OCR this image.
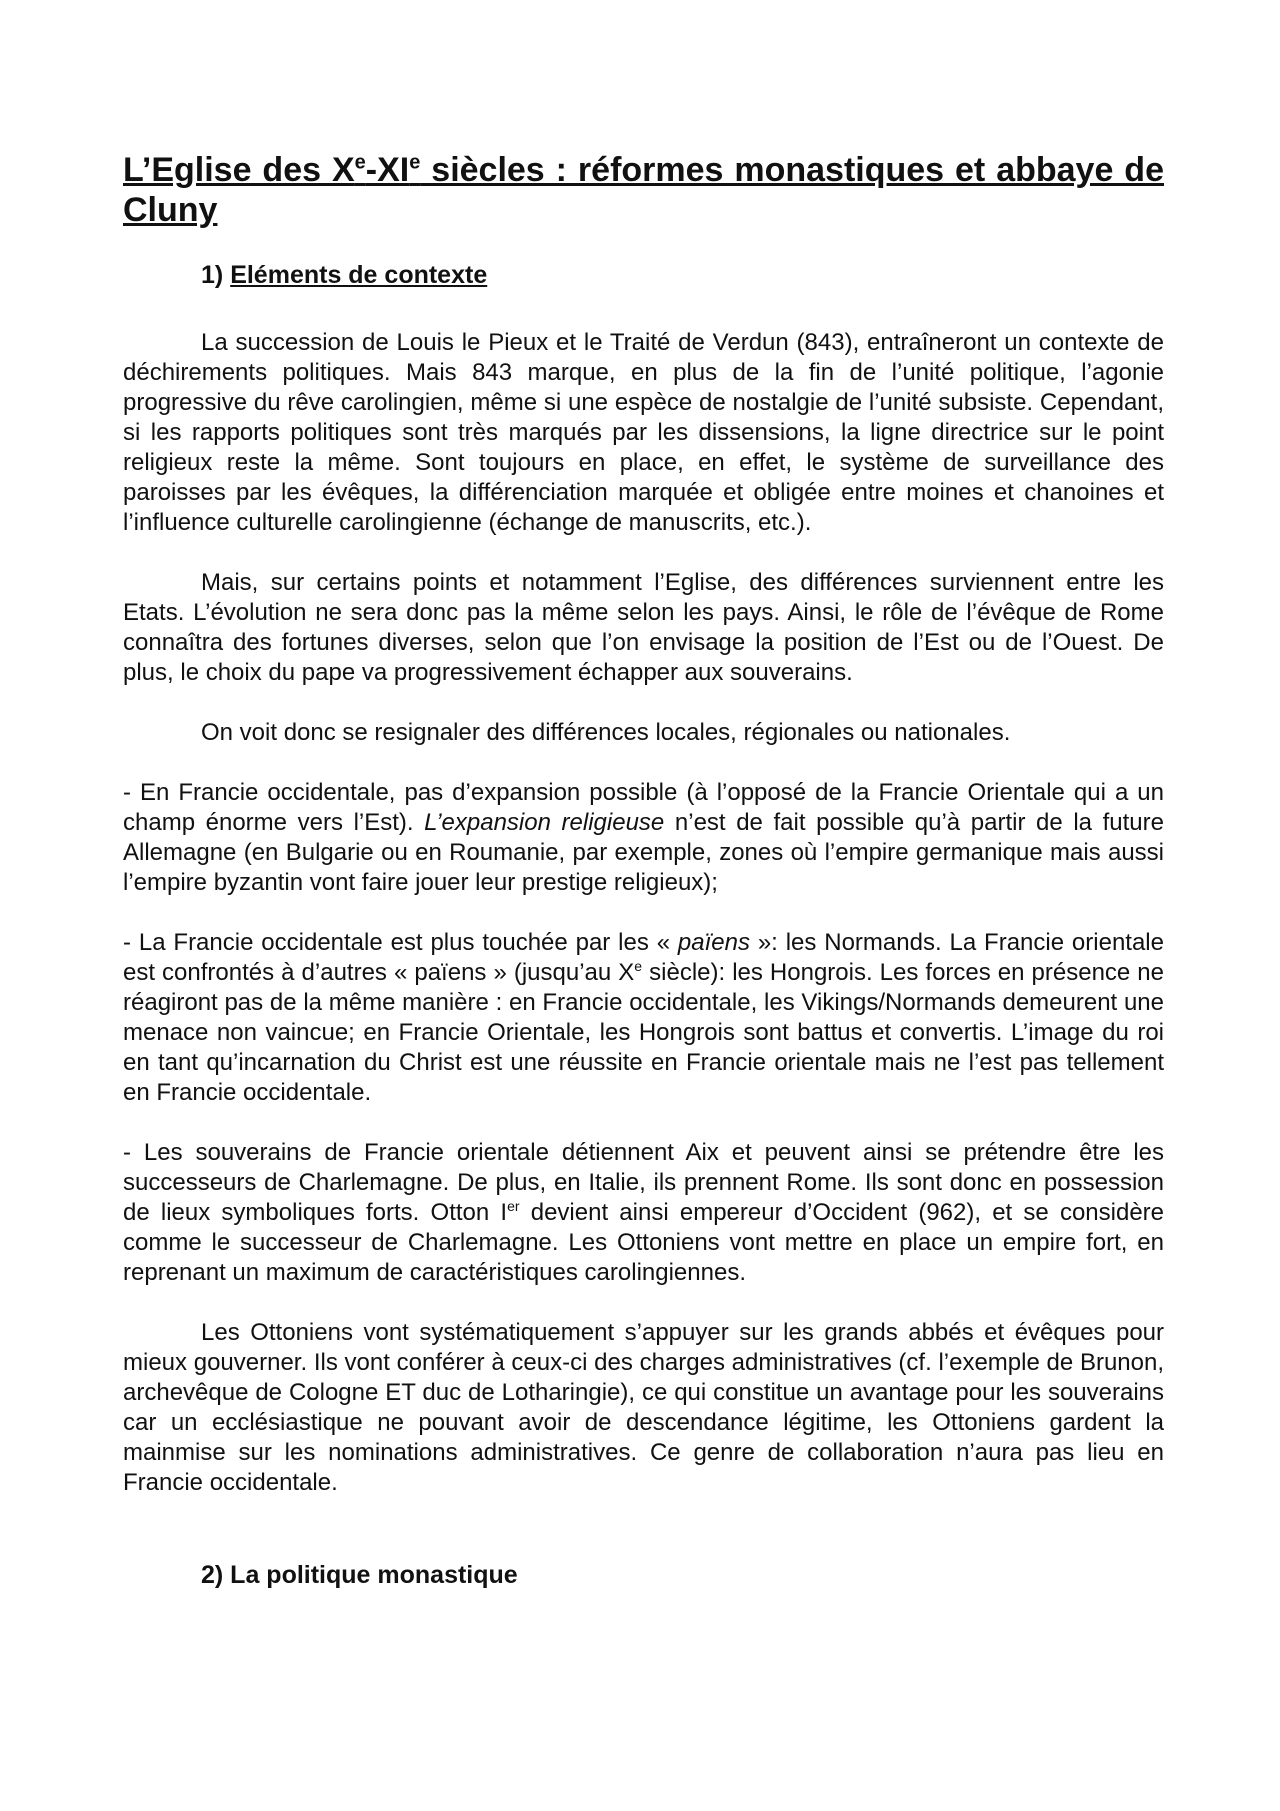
L’Eglise des Xe-XIe siècles : réformes monastiques et abbaye de Cluny
1) Eléments de contexte

La succession de Louis le Pieux et le Traité de Verdun (843), entraîneront un contexte de déchirements politiques. Mais 843 marque, en plus de la fin de l’unité politique, l’agonie progressive du rêve carolingien, même si une espèce de nostalgie de l’unité subsiste. Cependant, si les rapports politiques sont très marqués par les dissensions, la ligne directrice sur le point religieux reste la même. Sont toujours en place, en effet, le système de surveillance des paroisses par les évêques, la différenciation marquée et obligée entre moines et chanoines et l’influence culturelle carolingienne (échange de manuscrits, etc.).

Mais, sur certains points et notamment l’Eglise, des différences surviennent entre les Etats. L’évolution ne sera donc pas la même selon les pays. Ainsi, le rôle de l’évêque de Rome connaîtra des fortunes diverses, selon que l’on envisage la position de l’Est ou de l’Ouest. De plus, le choix du pape va progressivement échapper aux souverains.

On voit donc se resignaler des différences locales, régionales ou nationales.

- En Francie occidentale, pas d’expansion possible (à l’opposé de la Francie Orientale qui a un champ énorme vers l’Est). L’expansion religieuse n’est de fait possible qu’à partir de la future Allemagne (en Bulgarie ou en Roumanie, par exemple, zones où l’empire germanique mais aussi l’empire byzantin vont faire jouer leur prestige religieux);

- La Francie occidentale est plus touchée par les « païens »: les Normands. La Francie orientale est confrontés à d’autres « païens » (jusqu’au Xe siècle): les Hongrois. Les forces en présence ne réagiront pas de la même manière : en Francie occidentale, les Vikings/Normands demeurent une menace non vaincue; en Francie Orientale, les Hongrois sont battus et convertis. L’image du roi en tant qu’incarnation du Christ est une réussite en Francie orientale mais ne l’est pas tellement en Francie occidentale.

- Les souverains de Francie orientale détiennent Aix et peuvent ainsi se prétendre être les successeurs de Charlemagne. De plus, en Italie, ils prennent Rome. Ils sont donc en possession de lieux symboliques forts. Otton Ier devient ainsi empereur d’Occident (962), et se considère comme le successeur de Charlemagne. Les Ottoniens vont mettre en place un empire fort, en reprenant un maximum de caractéristiques carolingiennes.

Les Ottoniens vont systématiquement s’appuyer sur les grands abbés et évêques pour mieux gouverner. Ils vont conférer à ceux-ci des charges administratives (cf. l’exemple de Brunon, archevêque de Cologne ET duc de Lotharingie), ce qui constitue un avantage pour les souverains car un ecclésiastique ne pouvant avoir de descendance légitime, les Ottoniens gardent la mainmise sur les nominations administratives. Ce genre de collaboration n’aura pas lieu en Francie occidentale.

2) La politique monastique
